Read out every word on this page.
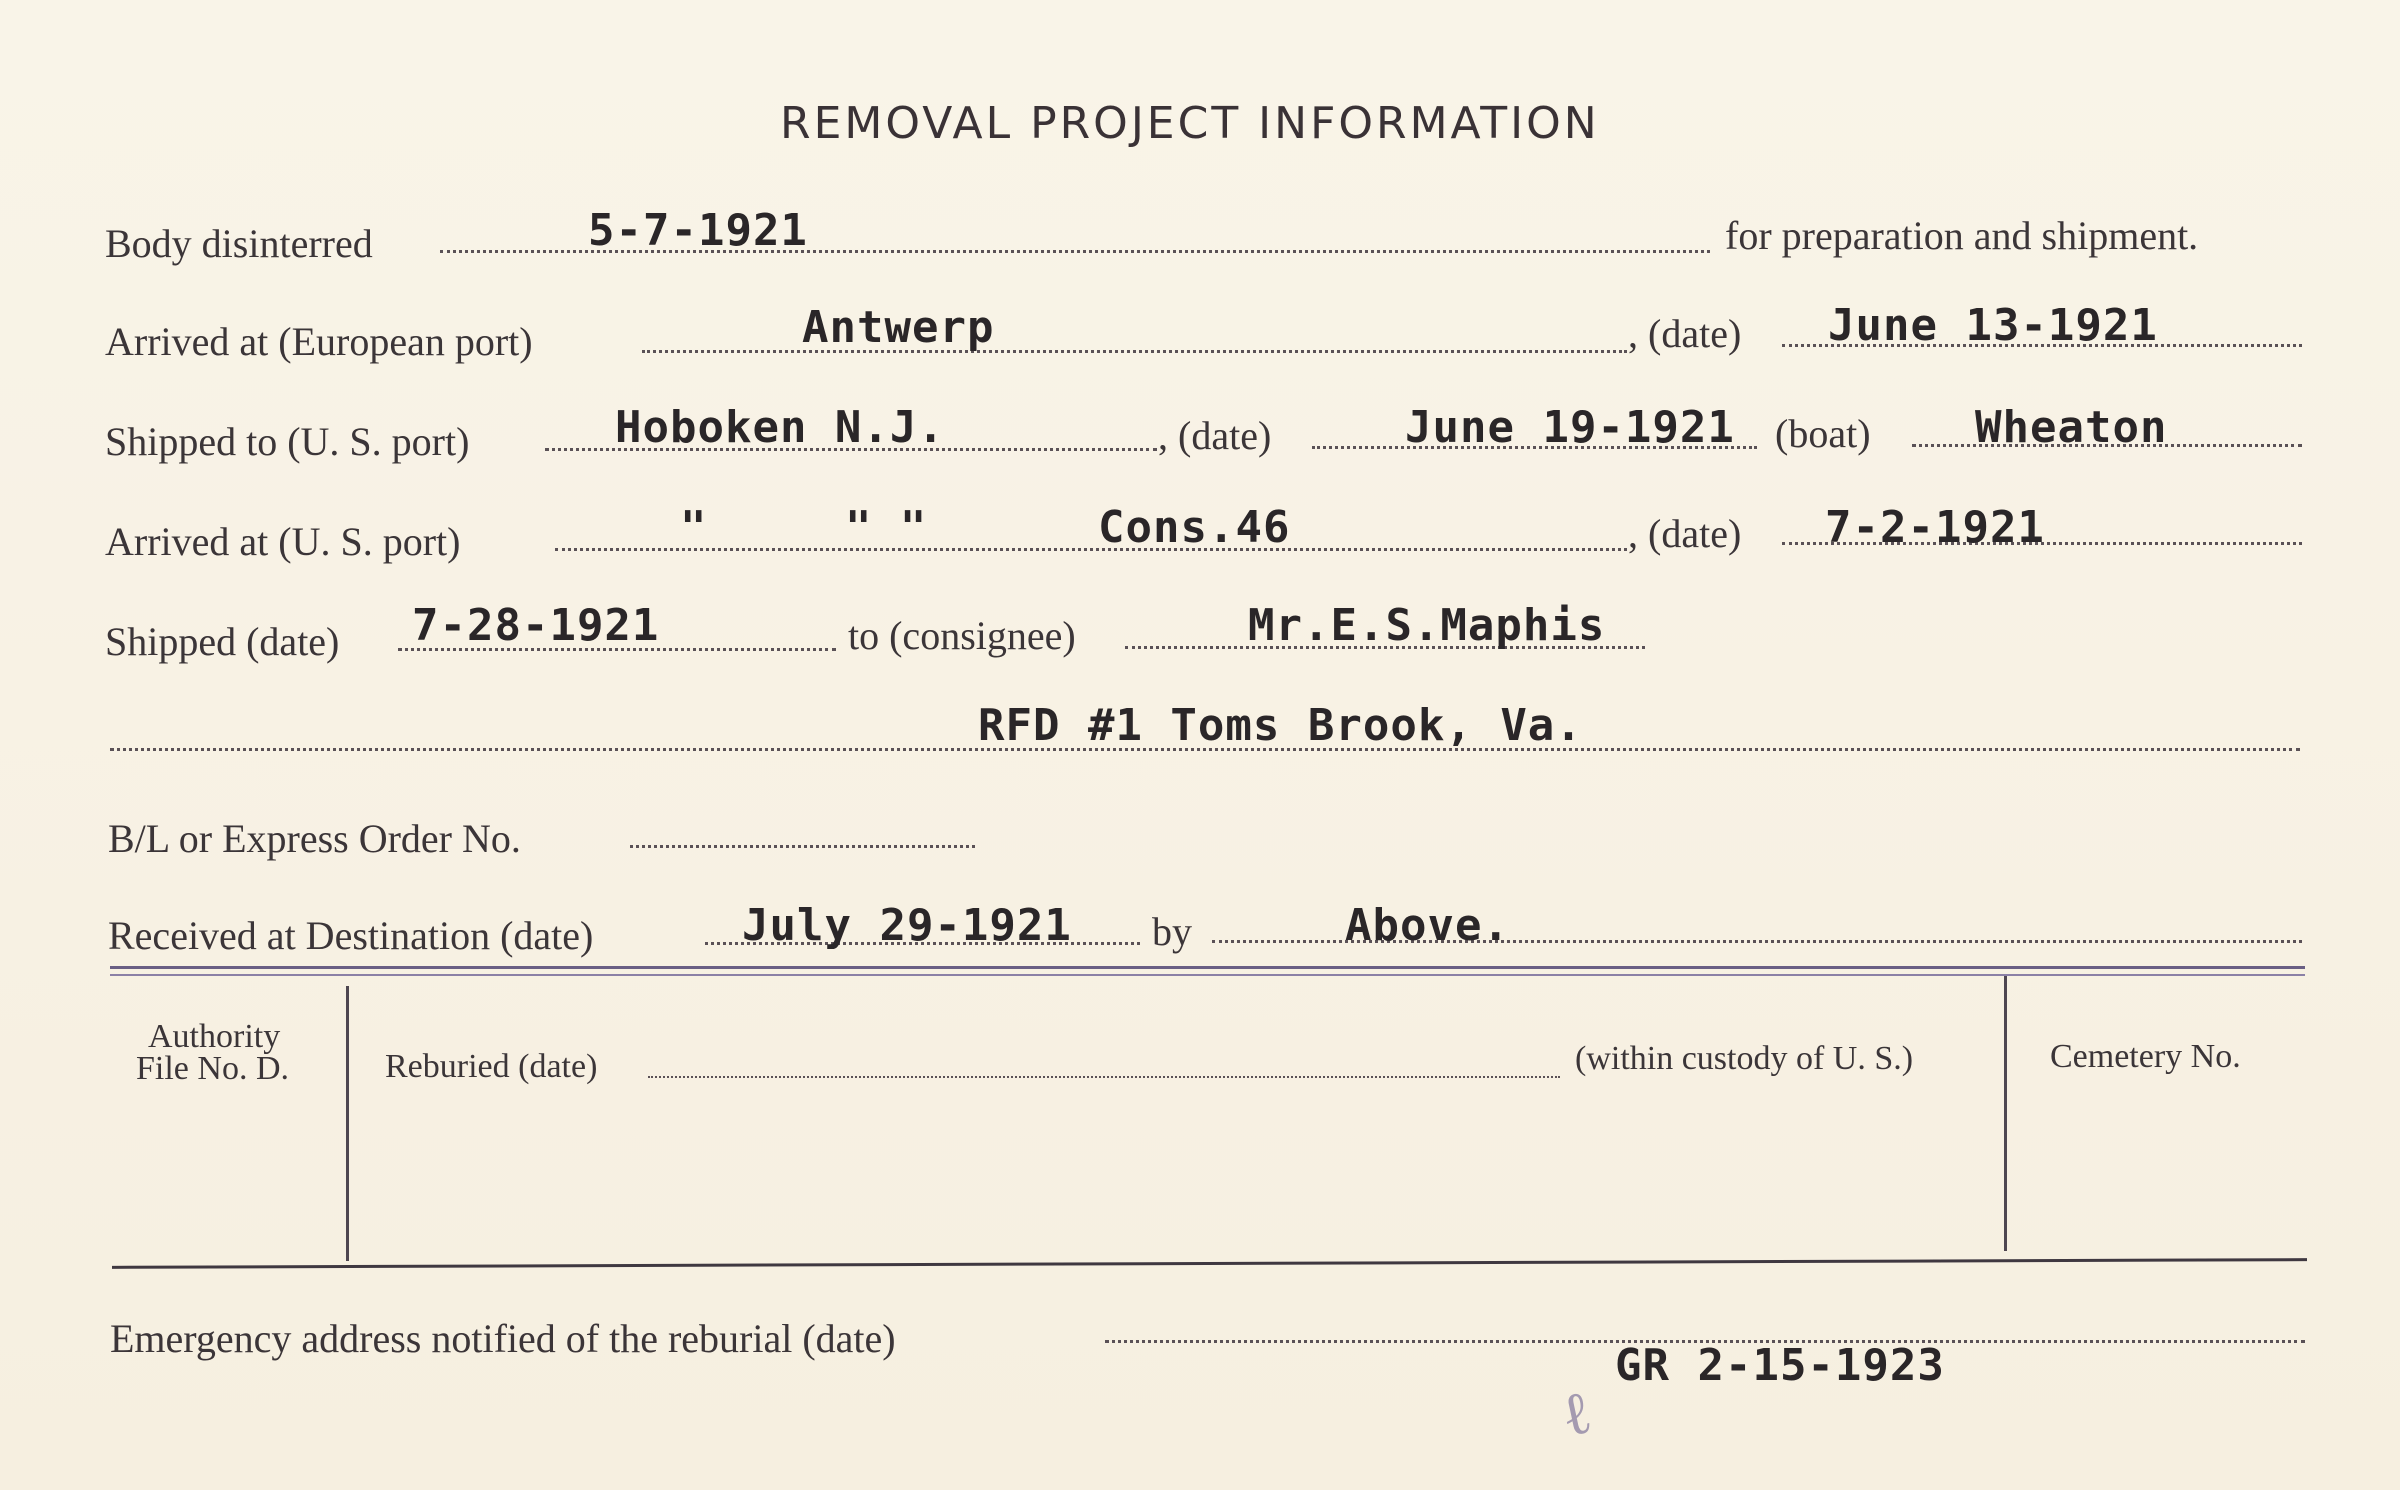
REMOVAL PROJECT INFORMATION
Body disinterred	5-7-1921	for preparation and shipment.
Arrived at (European port)	Antwerp	, (date) June 13-1921
Shipped to (U. S. port)	Hoboken N.J.	, (date)	June 19-1921 (boat) Wheaton
Arrived at (U. S. port)	"     " "	Cons.46	, (date) 7-2-1921
Shipped (date) 7-28-1921	to (consignee)	Mr.E.S.Maphis
RFD #1 Toms Brook, Va.
B/L or Express Order No.
Received at Destination (date)	July 29-1921 by	Above.
Authority
File No. D.	Reburied (date)	(within custody of U. S.)	Cemetery No.
Emergency address notified of the reburial (date)
GR 2-15-1923
ℓ
